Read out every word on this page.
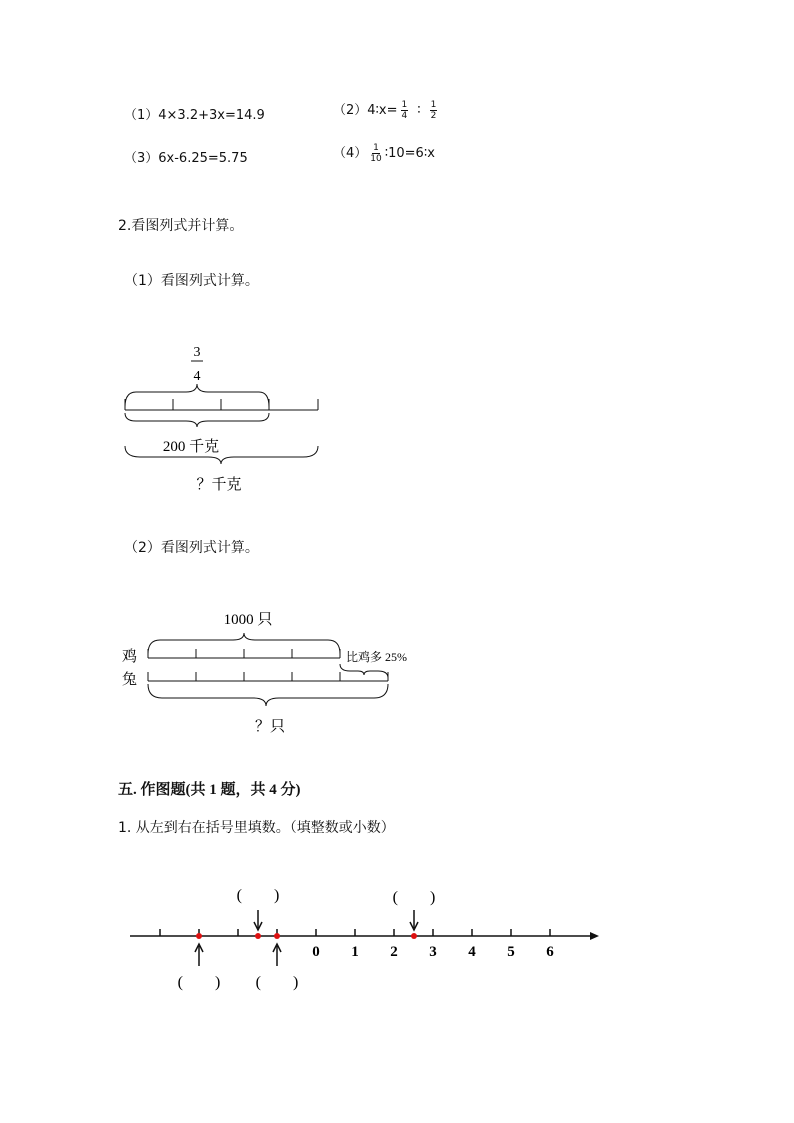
（1）4×3.2+3x=14.9	（2）4∶x= $\frac{1}{4}$ ∶ $\frac{1}{2}$
（3）6x-6.25=5.75	$(4) \frac{1}{10}$ ∶10=6∶x
2.看图列式并计算。
（1）看图列式计算。
3
4
200 千克
？千克
（2）看图列式计算。
1000 只
鸡
兔
比鸡多 25%
？只
五. 作图题(共 1 题，共 4 分)
1. 从左到右在括号里填数。（填整数或小数）
(　　)	(　　)
0 1 2 3 4 5 6
(　　) (　　)
